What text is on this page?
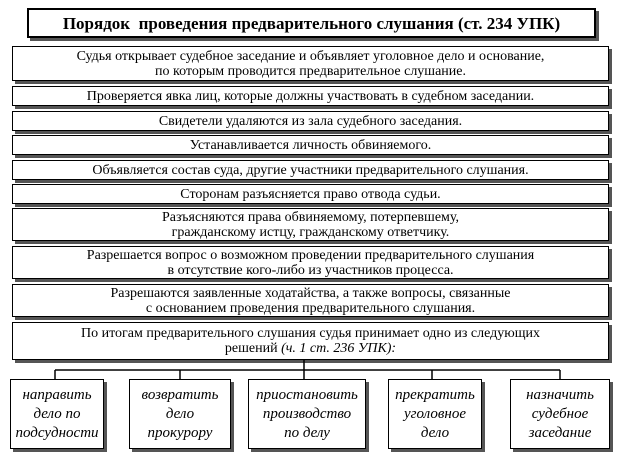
Порядок  проведения предварительного слушания (ст. 234 УПК)
Судья открывает судебное заседание и объявляет уголовное дело и основание,
по которым проводится предварительное слушание.
Проверяется явка лиц, которые должны участвовать в судебном заседании.
Свидетели удаляются из зала судебного заседания.
Устанавливается личность обвиняемого.
Объявляется состав суда, другие участники предварительного слушания.
Сторонам разъясняется право отвода судьи.
Разъясняются права обвиняемому, потерпевшему,
гражданскому истцу, гражданскому ответчику.
Разрешается вопрос о возможном проведении предварительного слушания
в отсутствие кого-либо из участников процесса.
Разрешаются заявленные ходатайства, а также вопросы, связанные
с основанием проведения предварительного слушания.
По итогам предварительного слушания судья принимает одно из следующих
решений (ч. 1 ст. 236 УПК):
направить
дело по
подсудности
возвратить
дело
прокурору
приостановить
производство
по делу
прекратить
уголовное
дело
назначить
судебное
заседание
